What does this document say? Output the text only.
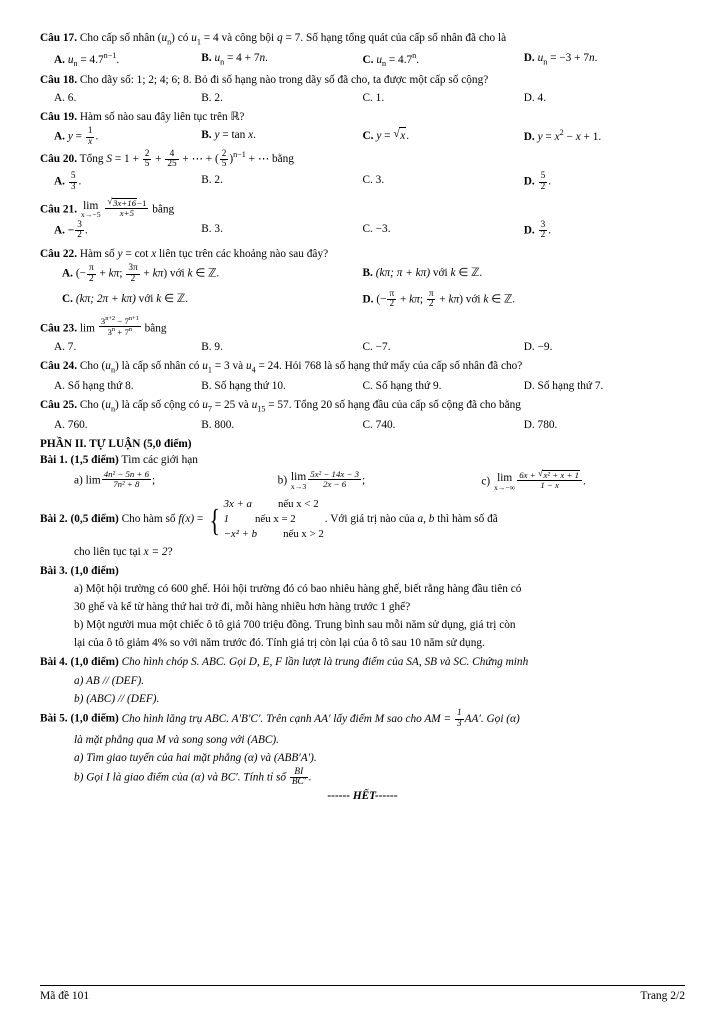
Câu 17. Cho cấp số nhân $(u_n)$ có $u_1 = 4$ và công bội q = 7. Số hạng tổng quát của cấp số nhân đã cho là
A. $u_n = 4.7^{n-1}$.	B. $u_n = 4 + 7n$.	C. $u_n = 4.7^n$.	D. $u_n = -3 + 7n$.
Câu 18. Cho dãy số: 1; 2; 4; 6; 8. Bỏ đi số hạng nào trong dãy số đã cho, ta được một cấp số cộng?
A. 6.	B. 2.	C. 1.	D. 4.
Câu 19. Hàm số nào sau đây liên tục trên ℝ?
A. $y = \frac{1}{x}$ .	B. y = tan x.	C. y = √ x.	D. $y = x^2 - x + 1$.
Câu 20. Tổng $S = 1 + \frac{2}{5} + \frac{4}{25}$ + ⋯ + ( $\frac{2}{5} )^{n-1}$ + ⋯ bằng
A. $\frac{5}{3}$ .	B. 2.	C. 3.	D. $\frac{5}{2}$ .
Câu 21. lim
x→−5
√ $\frac{3x+16-1}{x+5}$ bằng
A. − $\frac{3}{2}$ .	B. 3.	C. −3.	D. $\frac{3}{2}$ .
Câu 22. Hàm số y = cot x liên tục trên các khoảng nào sau đây?
A. (− $\frac{\pi}{2} + k\pi$; $\frac{3\pi}{2} + k\pi$) với k ∈ ℤ.	B. (kπ; π + kπ) với k ∈ ℤ.
C. (kπ; 2π + kπ) với k ∈ ℤ.	D. (− $\frac{\pi}{2} + k\pi$; $\frac{\pi}{2} + k\pi$) với k ∈ ℤ.
Câu 23. $\lim \frac{3^{n+2} - 7^{n+1}}{3^n + 7^n}$ bằng
A. 7.	B. 9.	C. −7.	D. −9.
Câu 24. Cho $(u_n)$ là cấp số nhân có $u_1 = 3$ và $u_4 = 24$. Hỏi 768 là số hạng thứ mấy của cấp số nhân đã cho?
A. Số hạng thứ 8.	B. Số hạng thứ 10.	C. Số hạng thứ 9.	D. Số hạng thứ 7.
Câu 25. Cho $(u_n)$ là cấp số cộng có $u_7 = 25$ và $u_{15} = 57$. Tổng 20 số hạng đầu của cấp số cộng đã cho bằng
A. 760.	B. 800.	C. 740.	D. 780.
PHẦN II. TỰ LUẬN (5,0 điểm)
Bài 1. (1,5 điểm) Tìm các giới hạn
a) $\lim \frac{\text{4n² − 5n + 6}}{\text{7n² + 8}}$ ;	b) lim
$x\to 3 \frac{\text{5x² − 14x − 3}}{2x - 6}$ ;	c) lim
$x\to-\infty \frac{\text{6x + √ x² + x + 1}}{1 - x}$ .
Bài 2. (0,5 điểm) Cho hàm số f(x) = { 3x + a nếu x < 2
1 nếu x = 2
−x² + b nếu x > 2
. Với giá trị nào của a, b thì hàm số đã
cho liên tục tại x = 2?
Bài 3. (1,0 điểm)
a) Một hội trường có 600 ghế. Hỏi hội trường đó có bao nhiêu hàng ghế, biết rằng hàng đầu tiên có
30 ghế và kể từ hàng thứ hai trở đi, mỗi hàng nhiều hơn hàng trước 1 ghế?
b) Một người mua một chiếc ô tô giá 700 triệu đồng. Trung bình sau mỗi năm sử dụng, giá trị còn
lại của ô tô giảm 4% so với năm trước đó. Tính giá trị còn lại của ô tô sau 10 năm sử dụng.
Bài 4. (1,0 điểm) Cho hình chóp S. ABC. Gọi D, E, F lần lượt là trung điểm của SA, SB và SC. Chứng minh
a) AB // (DEF).
b) (ABC) // (DEF).
Bài 5. (1,0 điểm) Cho hình lăng trụ ABC. A′B′C′. Trên cạnh AA′ lấy điểm M sao cho AM = $\frac{1}{3} AA'$. Gọi (α)
là mặt phẳng qua M và song song với (ABC).
a) Tìm giao tuyến của hai mặt phẳng (α) và (ABB′A′).
b) Gọi I là giao điểm của (α) và BC′. Tính tỉ số $\frac{BI}{BC'}$ .
------ HẾT------
Mã đề 101	Trang 2/2
